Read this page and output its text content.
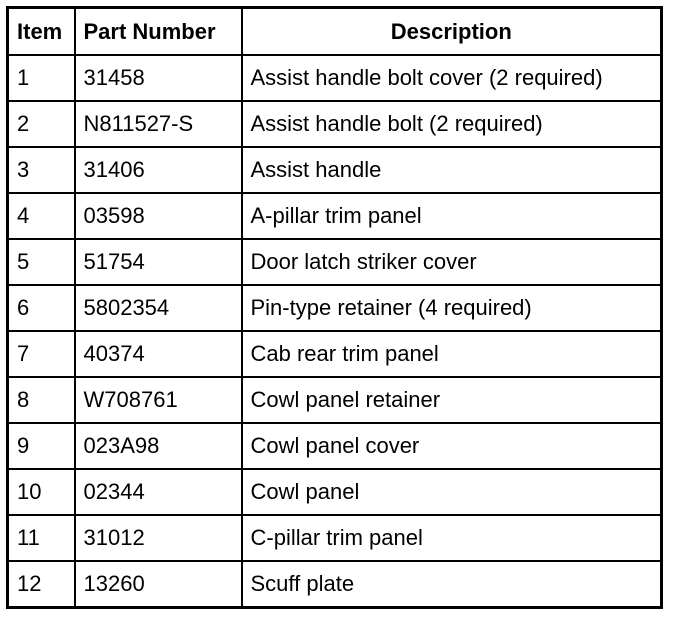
Item	Part Number	Description
1	31458	Assist handle bolt cover (2 required)
2	N811527-S	Assist handle bolt (2 required)
3	31406	Assist handle
4	03598	A-pillar trim panel
5	51754	Door latch striker cover
6	5802354	Pin-type retainer (4 required)
7	40374	Cab rear trim panel
8	W708761	Cowl panel retainer
9	023A98	Cowl panel cover
10	02344	Cowl panel
11	31012	C-pillar trim panel
12	13260	Scuff plate
